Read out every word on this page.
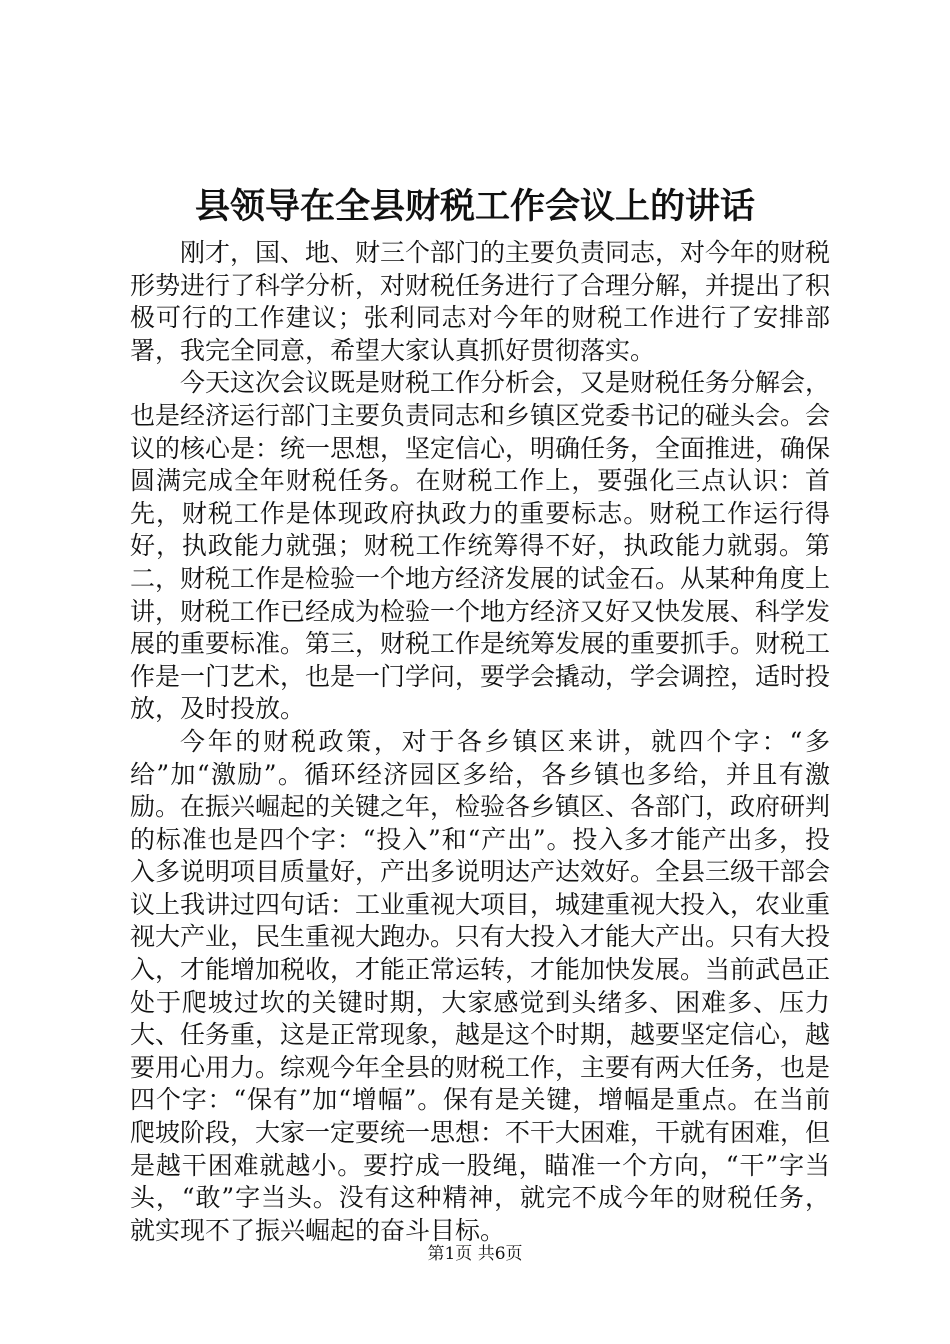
县领导在全县财税工作会议上的讲话

刚才，国、地、财三个部门的主要负责同志，对今年的财税形势进行了科学分析，对财税任务进行了合理分解，并提出了积极可行的工作建议；张利同志对今年的财税工作进行了安排部署，我完全同意，希望大家认真抓好贯彻落实。

今天这次会议既是财税工作分析会，又是财税任务分解会，也是经济运行部门主要负责同志和乡镇区党委书记的碰头会。会议的核心是：统一思想，坚定信心，明确任务，全面推进，确保圆满完成全年财税任务。在财税工作上，要强化三点认识：首先，财税工作是体现政府执政力的重要标志。财税工作运行得好，执政能力就强；财税工作统筹得不好，执政能力就弱。第二，财税工作是检验一个地方经济发展的试金石。从某种角度上讲，财税工作已经成为检验一个地方经济又好又快发展、科学发展的重要标准。第三，财税工作是统筹发展的重要抓手。财税工作是一门艺术，也是一门学问，要学会撬动，学会调控，适时投放，及时投放。

今年的财税政策，对于各乡镇区来讲，就四个字：“多给”加“激励”。循环经济园区多给，各乡镇也多给，并且有激励。在振兴崛起的关键之年，检验各乡镇区、各部门，政府研判的标准也是四个字：“投入”和“产出”。投入多才能产出多，投入多说明项目质量好，产出多说明达产达效好。全县三级干部会议上我讲过四句话：工业重视大项目，城建重视大投入，农业重视大产业，民生重视大跑办。只有大投入才能大产出。只有大投入，才能增加税收，才能正常运转，才能加快发展。当前武邑正处于爬坡过坎的关键时期，大家感觉到头绪多、困难多、压力大、任务重，这是正常现象，越是这个时期，越要坚定信心，越要用心用力。综观今年全县的财税工作，主要有两大任务，也是四个字：“保有”加“增幅”。保有是关键，增幅是重点。在当前爬坡阶段，大家一定要统一思想：不干大困难，干就有困难，但是越干困难就越小。要拧成一股绳，瞄准一个方向，“干”字当头，“敢”字当头。没有这种精神，就完不成今年的财税任务，就实现不了振兴崛起的奋斗目标。

第1页 共6页
